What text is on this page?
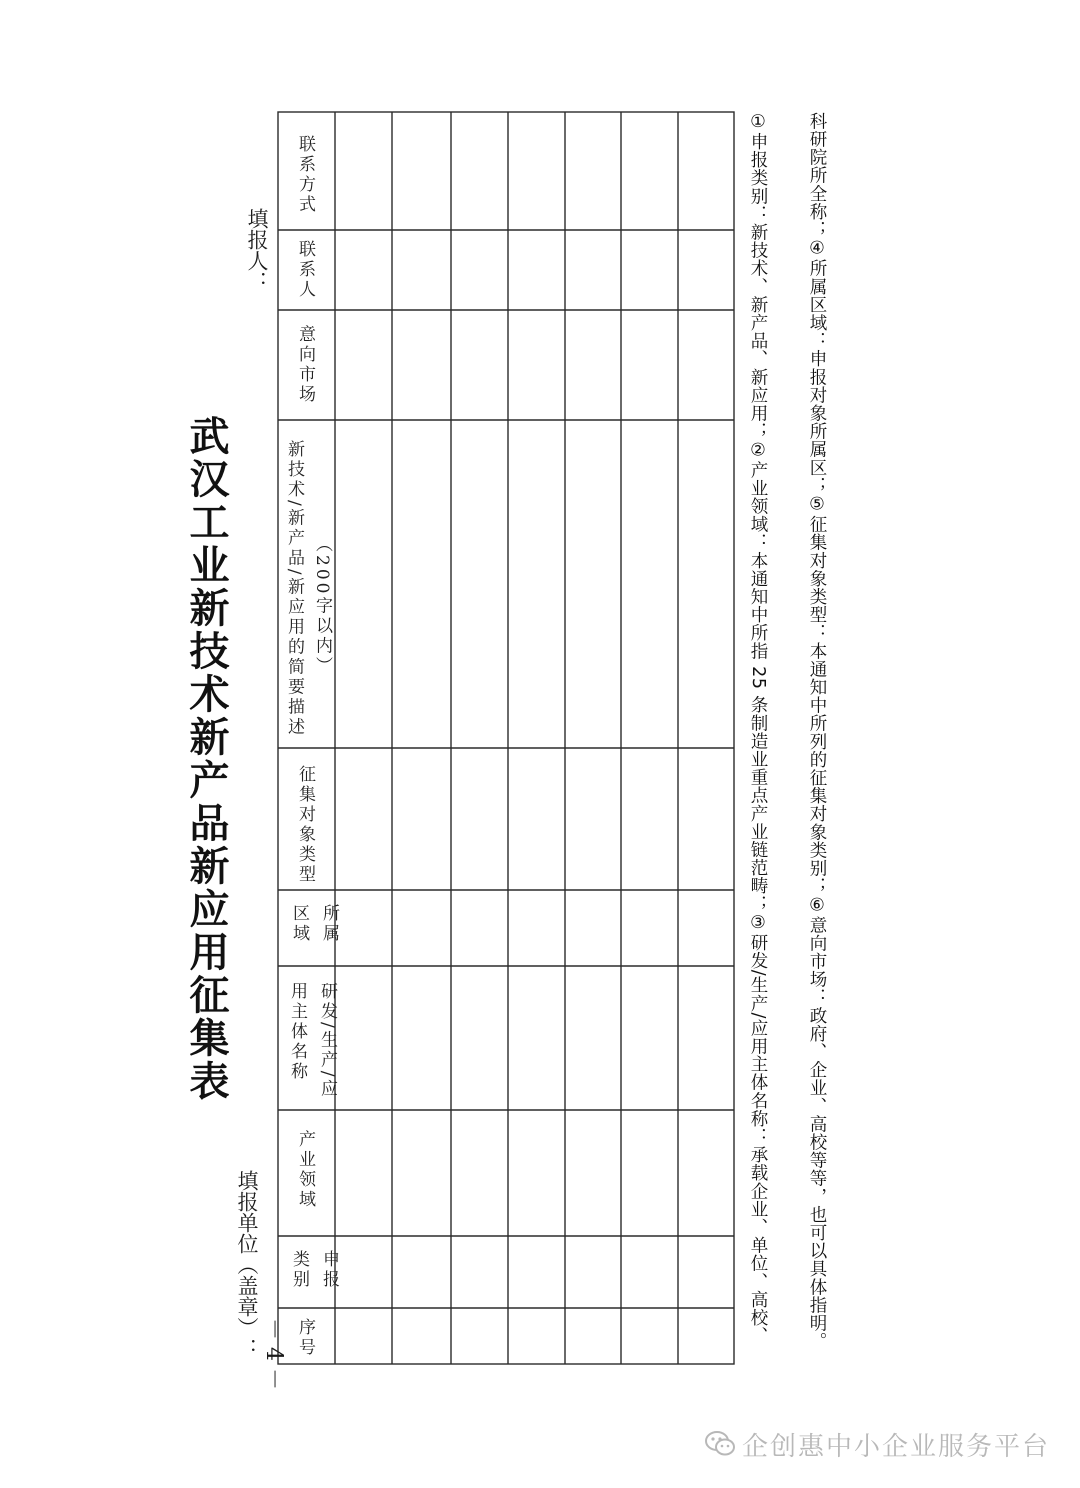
武汉工业新技术新产品新应用征集表
填报单位（盖章）：
填报人：
序号
申报类别
产业领域
研发/生产/应用主体名称
所属区域
征集对象类型
新技术/新产品/新应用的简要描述 （200字以内）
意向市场
联系人
联系方式	①申报类别：新技术、新产品、新应用；②产业领域：本通知中所指 25 条制造业重点产业链范畴；③研发/生产/应用主体名称：承载企业、单位、高校、 科研院所全称；④所属区域：申报对象所属区；⑤征集对象类型：本通知中所列的征集对象类别；⑥意向市场：政府、企业、高校等等，也可以具体指明。
－ 4 －
企创惠中小企业服务平台
